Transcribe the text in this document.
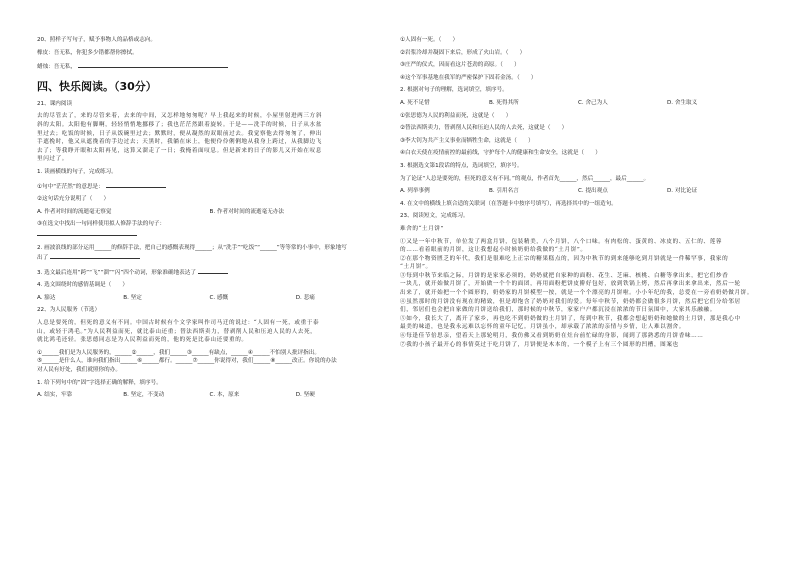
20、照样子写句子，赋予事物人的品格或志向。
橡皮：吾无私，你犯多少错都帮你擦拭。
蜡烛：吾无私，
四、快乐阅读。（30分）
21、课内阅读
去的尽管去了，来的尽管来着，去来的中间，又怎样地匆匆呢？早上我起来的时候，小屋里射进两三方斜
斜的太阳。太阳他有脚啊，轻轻悄悄地挪移了；我也茫茫然跟着旋转。于是——洗手的时候，日子从水盆
里过去；吃饭的时候，日子从饭碗里过去；默默时，便从凝然的双眼前过去。我觉察他去得匆匆了，伸出
手遮挽时，他又从遮挽着的手边过去；天黑时，我躺在床上，他便伶伶俐俐地从我身上跨过，从我脚边飞
去了；等我睁开眼和太阳再见，这算又溜走了一日；我掩着面叹息。但是新来的日子的影儿又开始在叹息
里闪过了。
1. 读画横线的句子，完成练习。
①句中“茫茫然”的意思是：
②这句话充分说明了（　　）
A. 作者对时间的流逝毫无察觉	B. 作者对时间的流逝毫无办法
③在选文中找出一句同样使用拟人修辞手法的句子：
2. 画波浪线的部分运用______的修辞手法，把自己的感慨表现得______；从“洗手”“吃饭”“______”等等常的小事中，形象地写
出了
3. 选文最后连用“跨”“飞”“溜”“闪”四个动词，形象准确地表达了
4. 选文围绕时的感情基调是（　　）
A. 豁达	B. 坚定	C. 感慨	D. 悲痛
22、为人民服务（节选）
人总是要死的，但死的意义有不同。中国古时候有个文学家叫作司马迁的说过：“人固有一死，或重于泰
山，或轻于鸿毛。”为人民利益而死，就比泰山还重；替法西斯卖力，替剥削人民和压迫人民的人去死，
就比鸿毛还轻。张思德同志是为人民利益而死的，他的死是比泰山还要重的。
①______我们是为人民服务的，______②______，我们______③______有缺点，______④______不怕别人批评指出。
⑤______是什么人，谁向我们指出______⑥______都行。______⑦______你说得对，我们______⑧______改正。你说的办法
对人民有好处，我们就照你的办。
1. 给下列句中的“固”字选择正确的解释，填序号。
A. 结实，牢靠	B. 坚定，不变动	C. 本，原来	D. 坚硬
①人固有一死。（　　）
②岩浆冷却并凝固下来后，形成了火山岩。（　　）
③庄严的仪式，因而看这片苍劲的高原。（　　）
④这个军事基地在我军的严密保护下固若金汤。（　　）
2. 根据对句子的理解，选词填空，填序号。
A. 死不足惜	B. 死得其所	C. 舍己为人	D. 舍生取义
①张思德为人民的利益而死，这就是（　　）
②替法西斯卖力，替剥削人民和压迫人民的人去死，这就是（　　）
③李大钊为共产主义事业而牺牲生命，这就是（　　）
④白衣天使在疫情前控的最前线，守护每个人的健康和生命安全，这就是（　　）
3. 根据选文第1段话的特点，选词填空，填序号。
为了论证“人总是要死的，但死的意义有不同。”的观点，作者首先______，然后______，最后______。
A. 列举事例	B. 引用名言	C. 提出观点	D. 对比论证
4. 在文中的横线上填合适的关联词（在答题卡中按序号填写），再选择其中的一组造句。
23、阅读短文，完成练习。
难舍的“土月饼”
①又是一年中秋节，单位发了两盒月饼，包装精美，八个月饼，八个口味。有肉松的、蛋黄的、冰皮的、五仁的、莲蓉
的……看着眼前的月饼，这让我想起小时候奶奶给我做的“土月饼”。
②在那个物资匮乏的年代，我们是很难吃上正宗的糖果糕点的，因为中秋节的到来能够吃到月饼就是一件稀罕事，我家的
“土月饼”。
③每到中秋节来临之际，月饼的是家家必须的，奶奶就把自家种的面粉、花生、芝麻、核桃、白糖等拿出来，把它们炒香
一块儿，就开始做月饼了，开始做一个个的面团，再用面粉把饼皮擀好包好，放到铁锅上烤，然后再拿出来拿出来，然后一轮
出来了，就开始把一个个圆形的，奶奶家的月饼模型一按，就是一个个漂亮的月饼啦。小小年纪的我，总爱在一旁看奶奶做月饼。
④虽然那时的月饼没有现在的精致，但是却饱含了奶奶对我们的爱。每年中秋节，奶奶都会做很多月饼，然后把它们分给邻居
们，邻居们也会把自家做的月饼送给我们，那时候的中秋节，家家户户都沉浸在浓浓的节日氛围中，大家其乐融融。
⑤如今，我长大了，离开了家乡，再也吃不到奶奶做的土月饼了，每到中秋节，我都会想起奶奶和她做的土月饼，那是我心中
最美的味道，也是我永远难以忘怀的童年记忆。月饼虽小，却承载了浓浓的亲情与乡情，让人难以割舍。
⑥每逢佳节倍思亲，望着天上那轮明月，我仿佛又看到奶奶在灶台前忙碌的身影，闻到了那熟悉的月饼香味……
⑦我的小孩子最开心的事情莫过于吃月饼了，月饼便是木本的，一个模子上有三个圆形的凹槽，图案也
